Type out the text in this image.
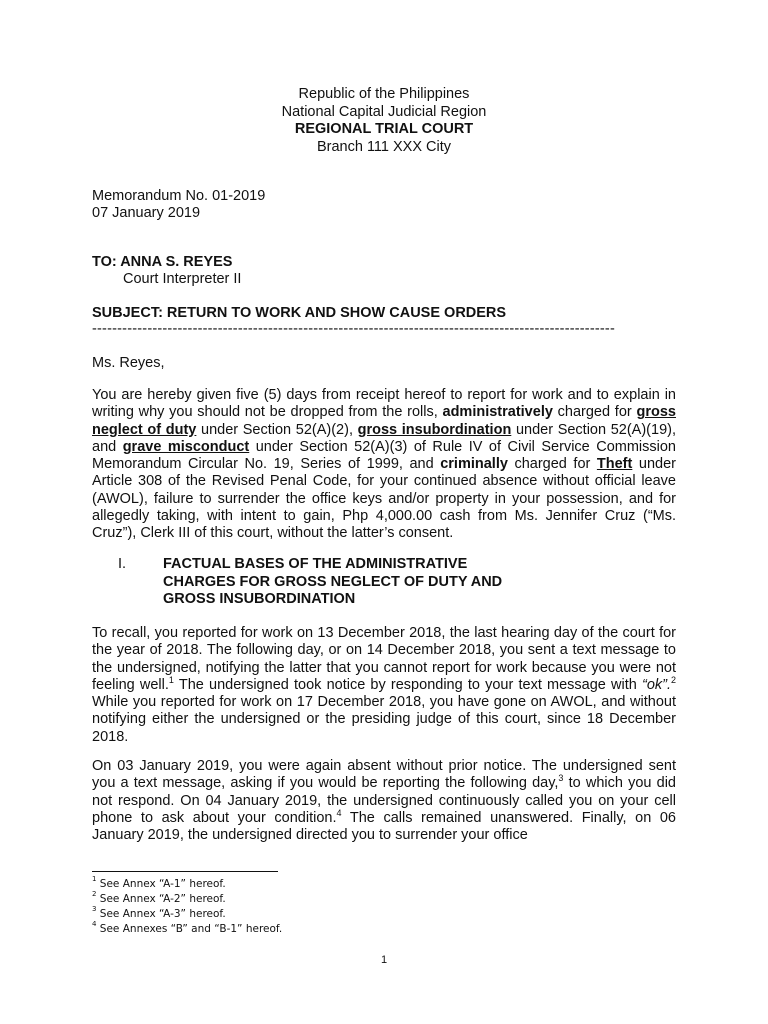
Republic of the Philippines
National Capital Judicial Region
REGIONAL TRIAL COURT
Branch 111 XXX City
Memorandum No. 01-2019
07 January 2019
TO: ANNA S. REYES
Court Interpreter II
SUBJECT: RETURN TO WORK AND SHOW CAUSE ORDERS
--------------------------------------------------------------------------------------------------------
Ms. Reyes,
You are hereby given five (5) days from receipt hereof to report for work and to explain in writing why you should not be dropped from the rolls, administratively charged for gross neglect of duty under Section 52(A)(2), gross insubordination under Section 52(A)(19), and grave misconduct under Section 52(A)(3) of Rule IV of Civil Service Commission Memorandum Circular No. 19, Series of 1999, and criminally charged for Theft under Article 308 of the Revised Penal Code, for your continued absence without official leave (AWOL), failure to surrender the office keys and/or property in your possession, and for allegedly taking, with intent to gain, Php 4,000.00 cash from Ms. Jennifer Cruz (“Ms. Cruz”), Clerk III of this court, without the latter’s consent.
I.	FACTUAL BASES OF THE ADMINISTRATIVE CHARGES FOR GROSS NEGLECT OF DUTY AND GROSS INSUBORDINATION
To recall, you reported for work on 13 December 2018, the last hearing day of the court for the year of 2018. The following day, or on 14 December 2018, you sent a text message to the undersigned, notifying the latter that you cannot report for work because you were not feeling well.$^1$ The undersigned took notice by responding to your text message with “ok”.$^2$ While you reported for work on 17 December 2018, you have gone on AWOL, and without notifying either the undersigned or the presiding judge of this court, since 18 December 2018.
On 03 January 2019, you were again absent without prior notice. The undersigned sent you a text message, asking if you would be reporting the following day,$^3$ to which you did not respond. On 04 January 2019, the undersigned continuously called you on your cell phone to ask about your condition.$^4$ The calls remained unanswered. Finally, on 06 January 2019, the undersigned directed you to surrender your office
$^1$ See Annex “A-1” hereof.
$^2$ See Annex “A-2” hereof.
$^3$ See Annex “A-3” hereof.
$^4$ See Annexes “B” and “B-1” hereof.
1
